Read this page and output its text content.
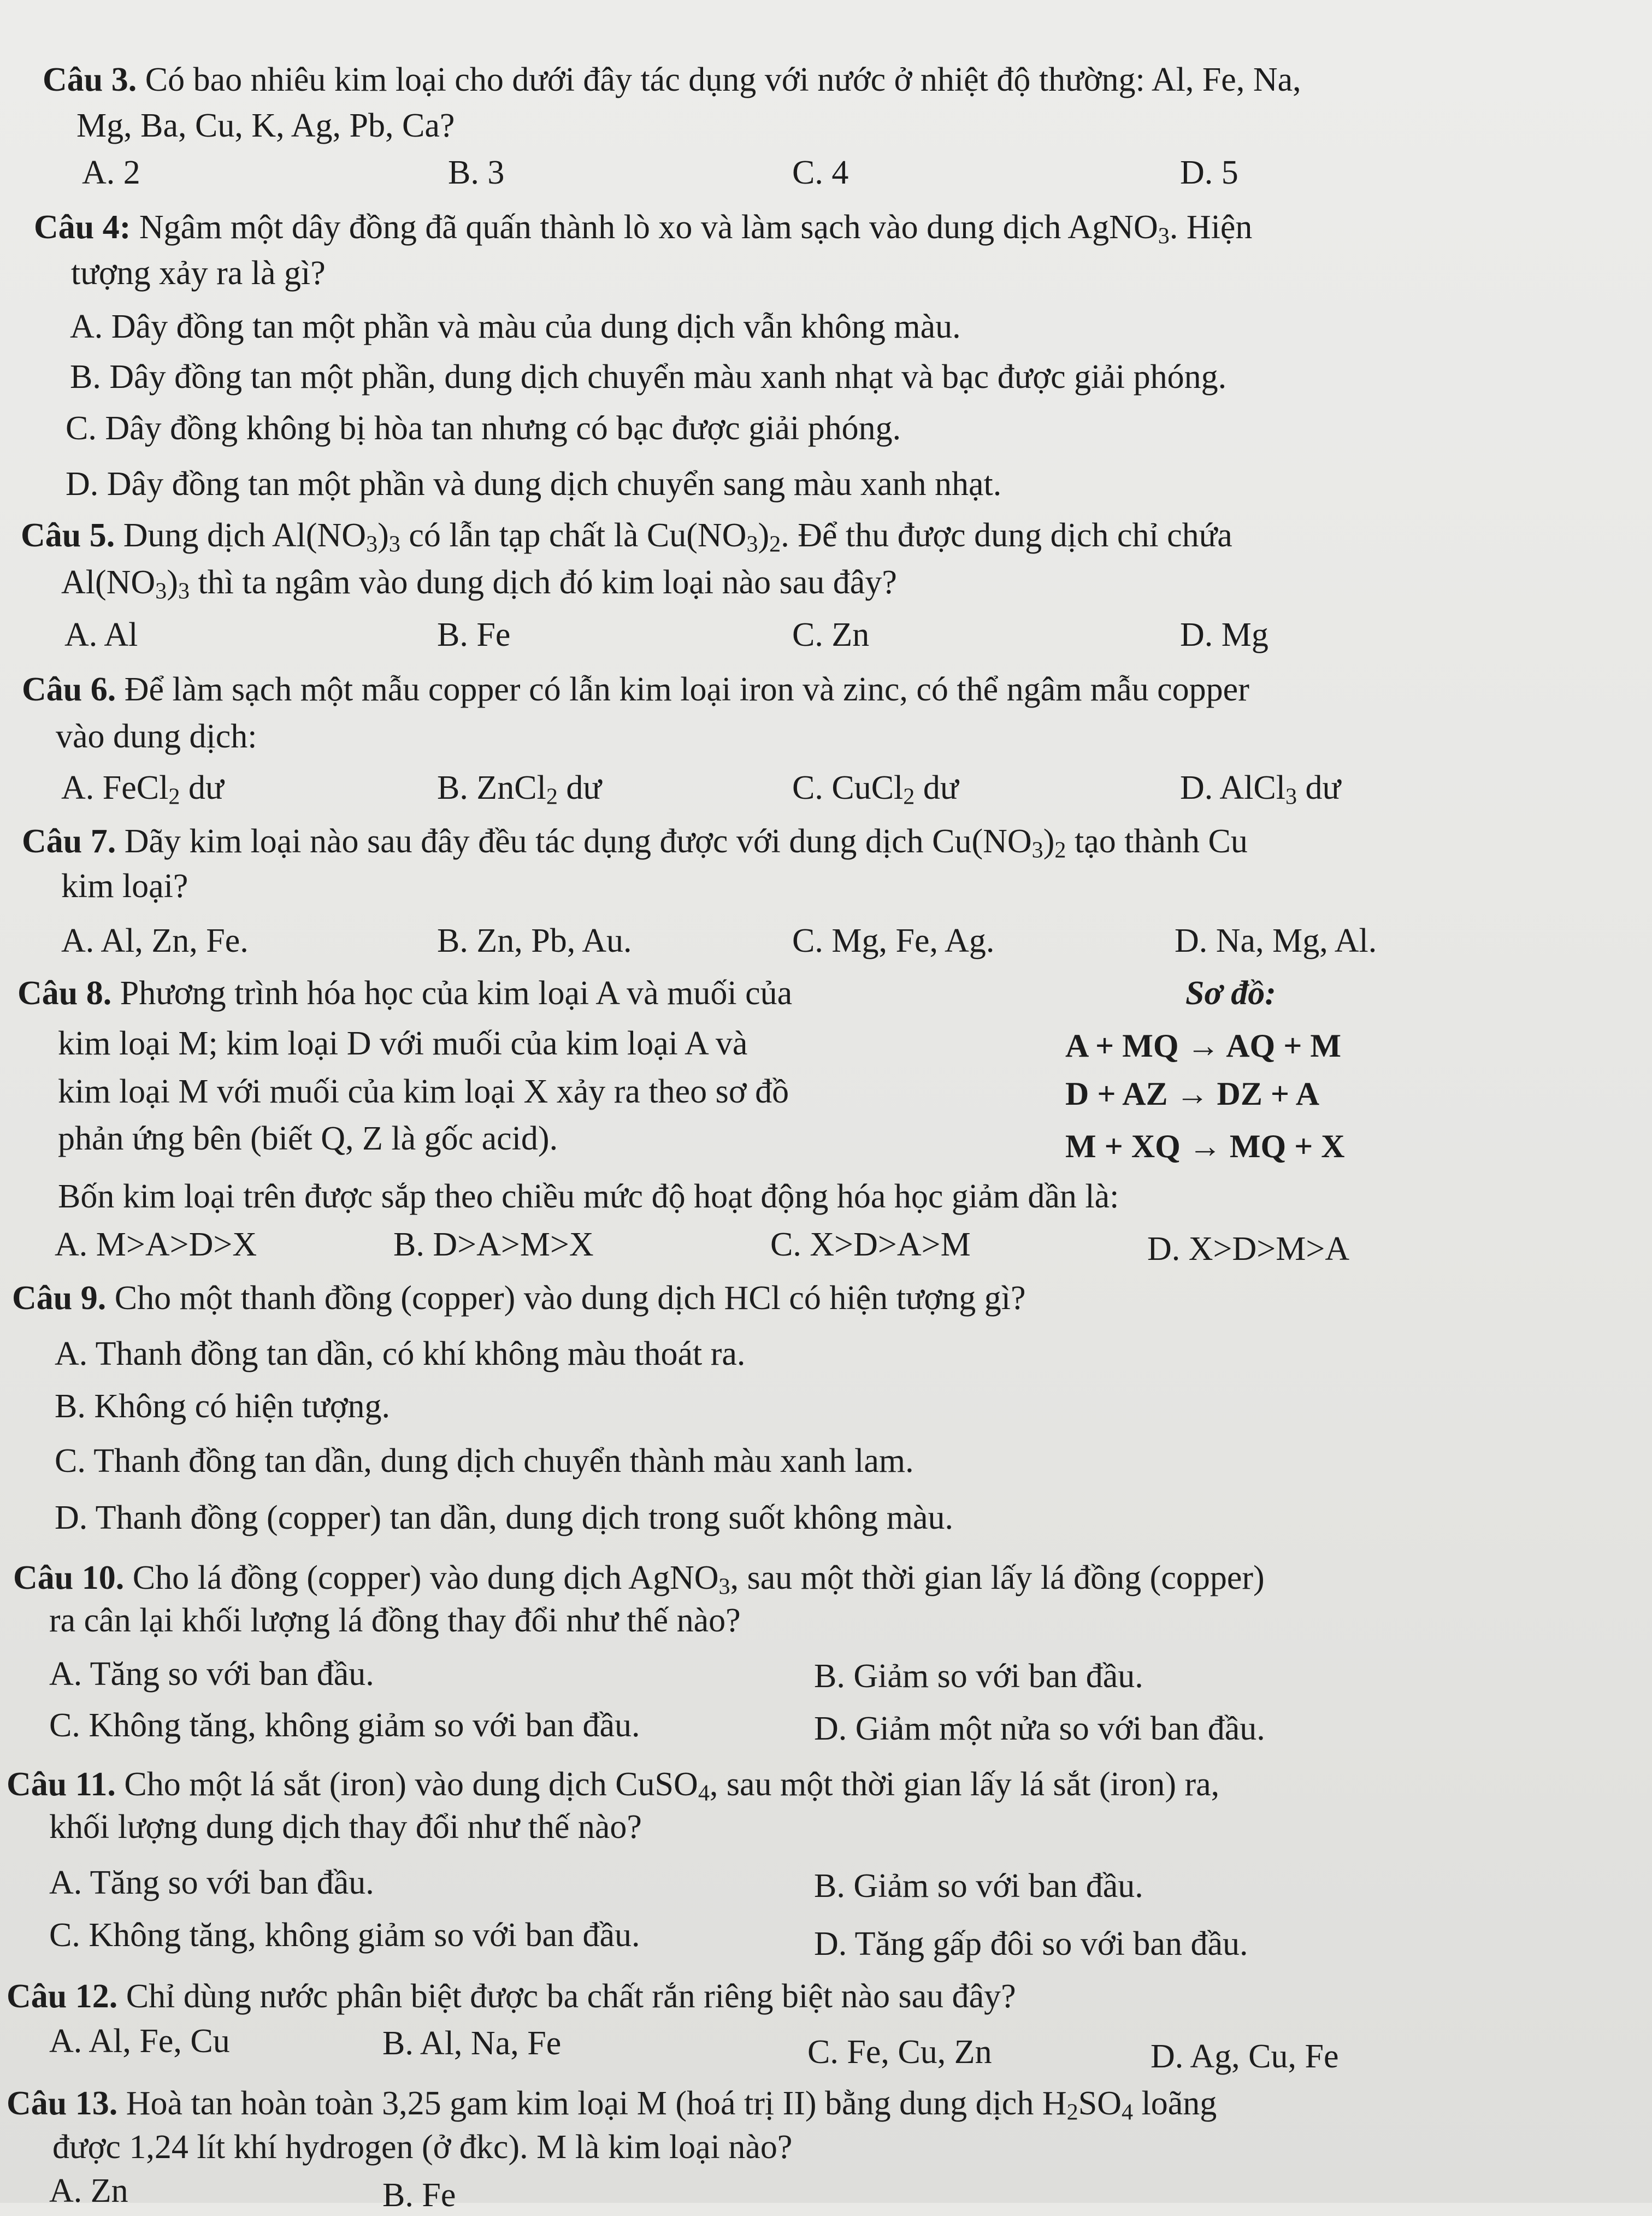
Câu 3. Có bao nhiêu kim loại cho dưới đây tác dụng với nước ở nhiệt độ thường: Al, Fe, Na,
Mg, Ba, Cu, K, Ag, Pb, Ca?
A. 2	B. 3	C. 4	D. 5
Câu 4: Ngâm một dây đồng đã quấn thành lò xo và làm sạch vào dung dịch AgNO$_3$. Hiện
tượng xảy ra là gì?
A. Dây đồng tan một phần và màu của dung dịch vẫn không màu.
B. Dây đồng tan một phần, dung dịch chuyển màu xanh nhạt và bạc được giải phóng.
C. Dây đồng không bị hòa tan nhưng có bạc được giải phóng.
D. Dây đồng tan một phần và dung dịch chuyển sang màu xanh nhạt.
Câu 5. Dung dịch $Al(NO_3)_3$ có lẫn tạp chất là $Cu(NO_3)_2$. Để thu được dung dịch chỉ chứa
$Al(NO_3)_3$ thì ta ngâm vào dung dịch đó kim loại nào sau đây?
A. Al	B. Fe	C. Zn	D. Mg
Câu 6. Để làm sạch một mẫu copper có lẫn kim loại iron và zinc, có thể ngâm mẫu copper
vào dung dịch:
A. FeCl$_2$ dư	B. ZnCl$_2$ dư	C. CuCl$_2$ dư	D. AlCl$_3$ dư
Câu 7. Dãy kim loại nào sau đây đều tác dụng được với dung dịch $Cu(NO_3)_2$ tạo thành Cu
kim loại?
A. Al, Zn, Fe.	B. Zn, Pb, Au.	C. Mg, Fe, Ag.	D. Na, Mg, Al.
Câu 8. Phương trình hóa học của kim loại A và muối của
kim loại M; kim loại D với muối của kim loại A và
kim loại M với muối của kim loại X xảy ra theo sơ đồ
phản ứng bên (biết Q, Z là gốc acid).
Sơ đồ:
A + MQ → AQ + M
D + AZ → DZ + A
M + XQ → MQ + X
Bốn kim loại trên được sắp theo chiều mức độ hoạt động hóa học giảm dần là:
A. M>A>D>X	B. D>A>M>X	C. X>D>A>M	D. X>D>M>A
Câu 9. Cho một thanh đồng (copper) vào dung dịch HCl có hiện tượng gì?
A. Thanh đồng tan dần, có khí không màu thoát ra.
B. Không có hiện tượng.
C. Thanh đồng tan dần, dung dịch chuyển thành màu xanh lam.
D. Thanh đồng (copper) tan dần, dung dịch trong suốt không màu.
Câu 10. Cho lá đồng (copper) vào dung dịch AgNO$_3$, sau một thời gian lấy lá đồng (copper)
ra cân lại khối lượng lá đồng thay đổi như thế nào?
A. Tăng so với ban đầu.	B. Giảm so với ban đầu.
C. Không tăng, không giảm so với ban đầu.	D. Giảm một nửa so với ban đầu.
Câu 11. Cho một lá sắt (iron) vào dung dịch CuSO$_4$, sau một thời gian lấy lá sắt (iron) ra,
khối lượng dung dịch thay đổi như thế nào?
A. Tăng so với ban đầu.	B. Giảm so với ban đầu.
C. Không tăng, không giảm so với ban đầu.	D. Tăng gấp đôi so với ban đầu.
Câu 12. Chỉ dùng nước phân biệt được ba chất rắn riêng biệt nào sau đây?
A. Al, Fe, Cu	B. Al, Na, Fe	C. Fe, Cu, Zn	D. Ag, Cu, Fe
Câu 13. Hoà tan hoàn toàn 3,25 gam kim loại M (hoá trị II) bằng dung dịch $H_2SO_4$ loãng
được 1,24 lít khí hydrogen (ở đkc). M là kim loại nào?
A. Zn	B. Fe
